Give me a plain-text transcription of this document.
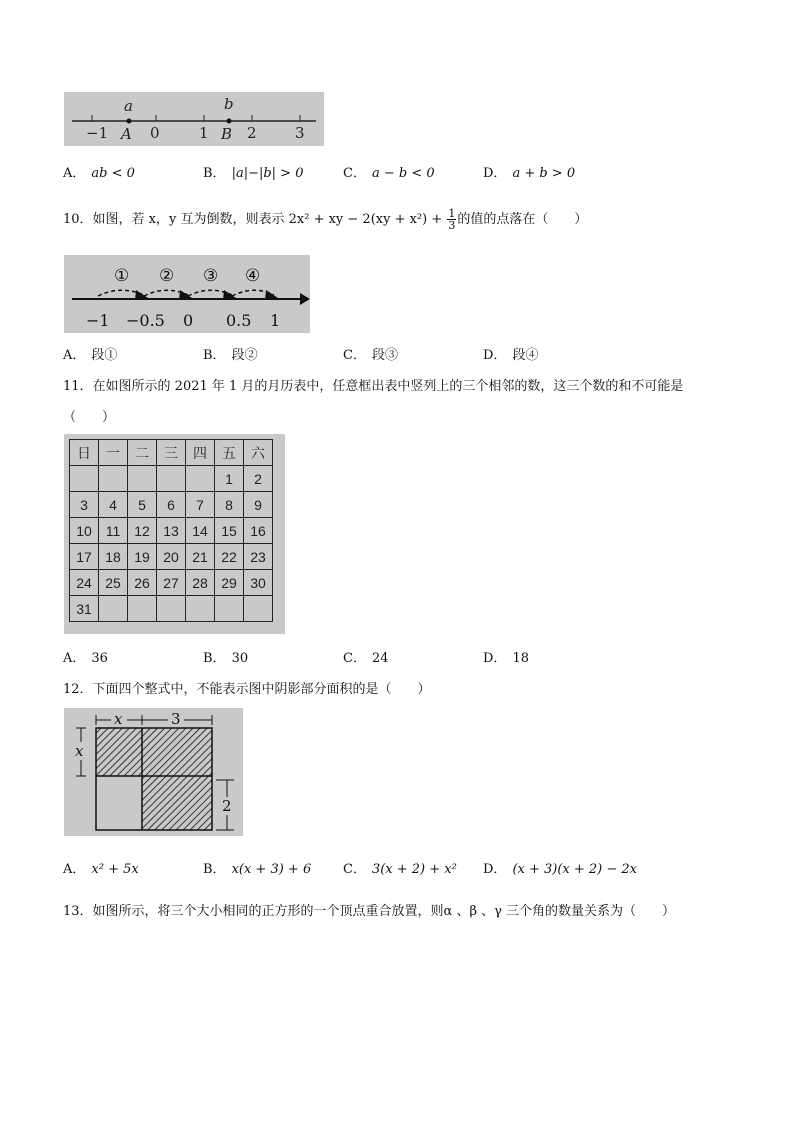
a	b
−1 A 0	1 B 2	3
A． ab < 0	B． |a|−|b| > 0	C． a − b < 0	D． a + b > 0
10．如图，若 x，y 互为倒数，则表示 2x² + xy − $2(xy + x^2) + \frac{1}{3}$ 的值的点落在（　　）
① ② ③ ④
−1 −0.5 0 0.5 1
A． 段①	B． 段②	C． 段③	D． 段④
11．在如图所示的 2021 年 1 月的月历表中，任意框出表中竖列上的三个相邻的数，这三个数的和不可能是
（　　）
日	一	二	三	四	五	六
					1	2
3	4	5	6	7	8	9
10	11	12	13	14	15	16
17	18	19	20	21	22	23
24	25	26	27	28	29	30
31						
A． 36	B． 30	C． 24	D． 18
12．下面四个整式中，不能表示图中阴影部分面积的是（　　）
x	3
x
2
A． x² + 5x	B． x(x + 3) + 6 C． 3(x + 2) + x² D． (x + 3)(x + 2) − 2x
13．如图所示，将三个大小相同的正方形的一个顶点重合放置，则α 、β 、γ 三个角的数量关系为（　　）
